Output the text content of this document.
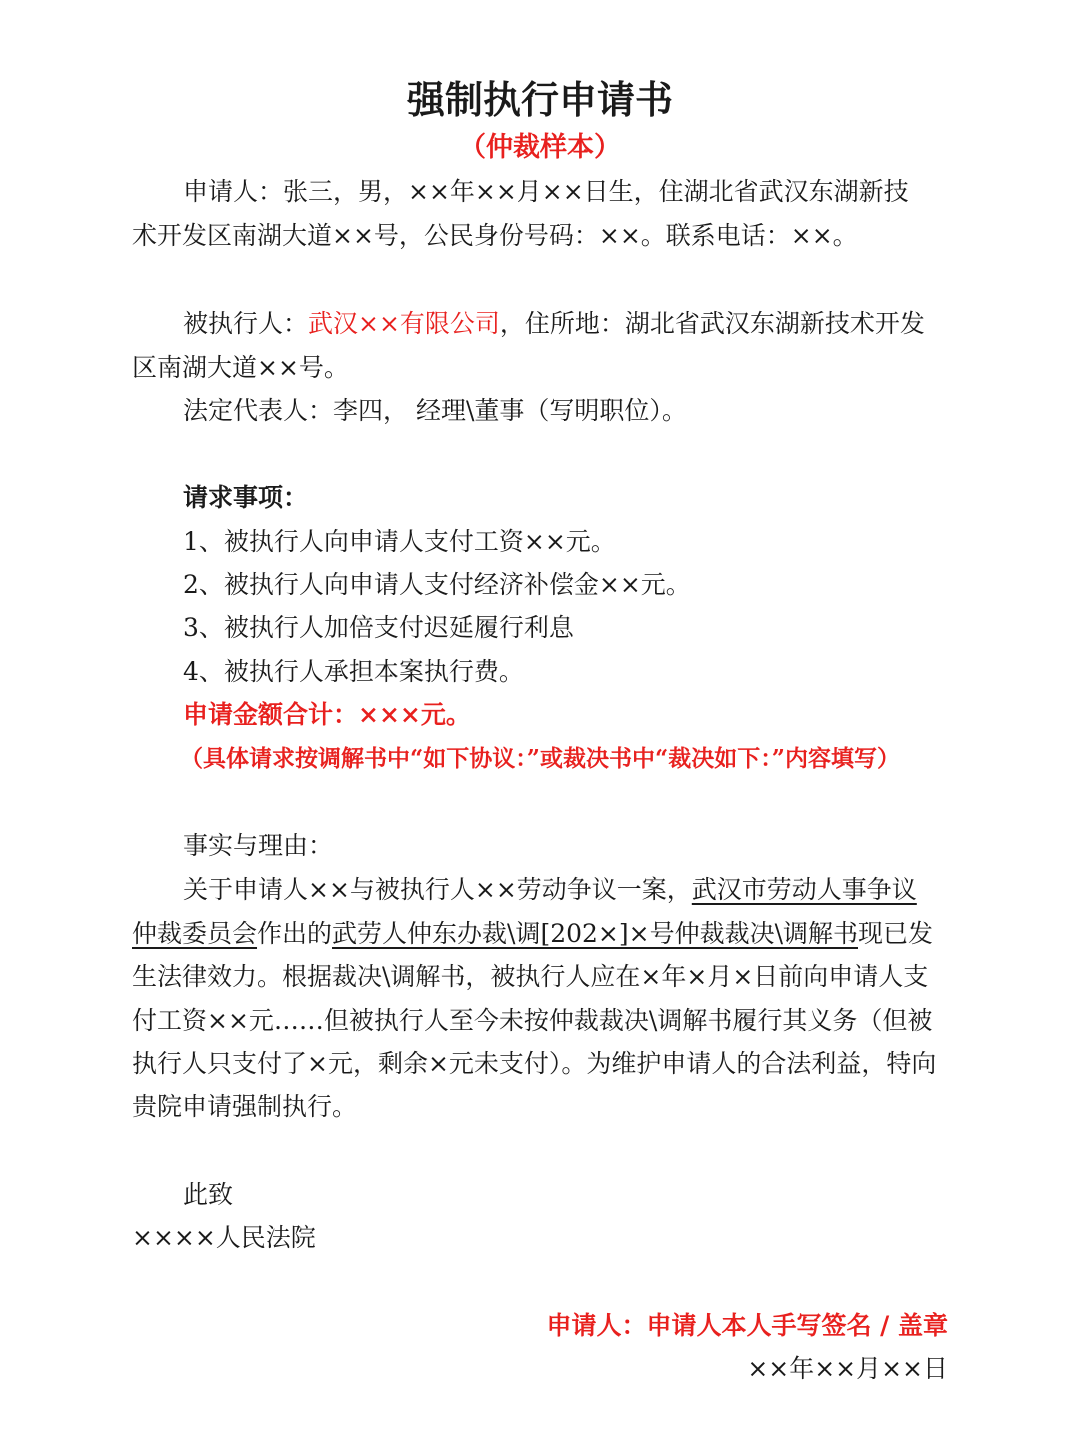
强制执行申请书
（仲裁样本）
申请人：张三，男，××年××月××日生，住湖北省武汉东湖新技
术开发区南湖大道××号，公民身份号码：××。联系电话：××。
被执行人：武汉××有限公司，住所地：湖北省武汉东湖新技术开发
区南湖大道××号。
法定代表人：李四， 经理\董事（写明职位）。
请求事项：
1、被执行人向申请人支付工资××元。
2、被执行人向申请人支付经济补偿金××元。
3、被执行人加倍支付迟延履行利息
4、被执行人承担本案执行费。
申请金额合计：×××元。
（具体请求按调解书中“如下协议：”或裁决书中“裁决如下：”内容填写）
事实与理由：
关于申请人××与被执行人××劳动争议一案，武汉市劳动人事争议
仲裁委员会作出的武劳人仲东办裁\调[202×]×号仲裁裁决\调解书现已发
生法律效力。根据裁决\调解书，被执行人应在×年×月×日前向申请人支
付工资××元……但被执行人至今未按仲裁裁决\调解书履行其义务（但被
执行人只支付了×元，剩余×元未支付）。为维护申请人的合法利益，特向
贵院申请强制执行。
此致
××××人民法院
申请人：申请人本人手写签名 / 盖章
××年××月××日
